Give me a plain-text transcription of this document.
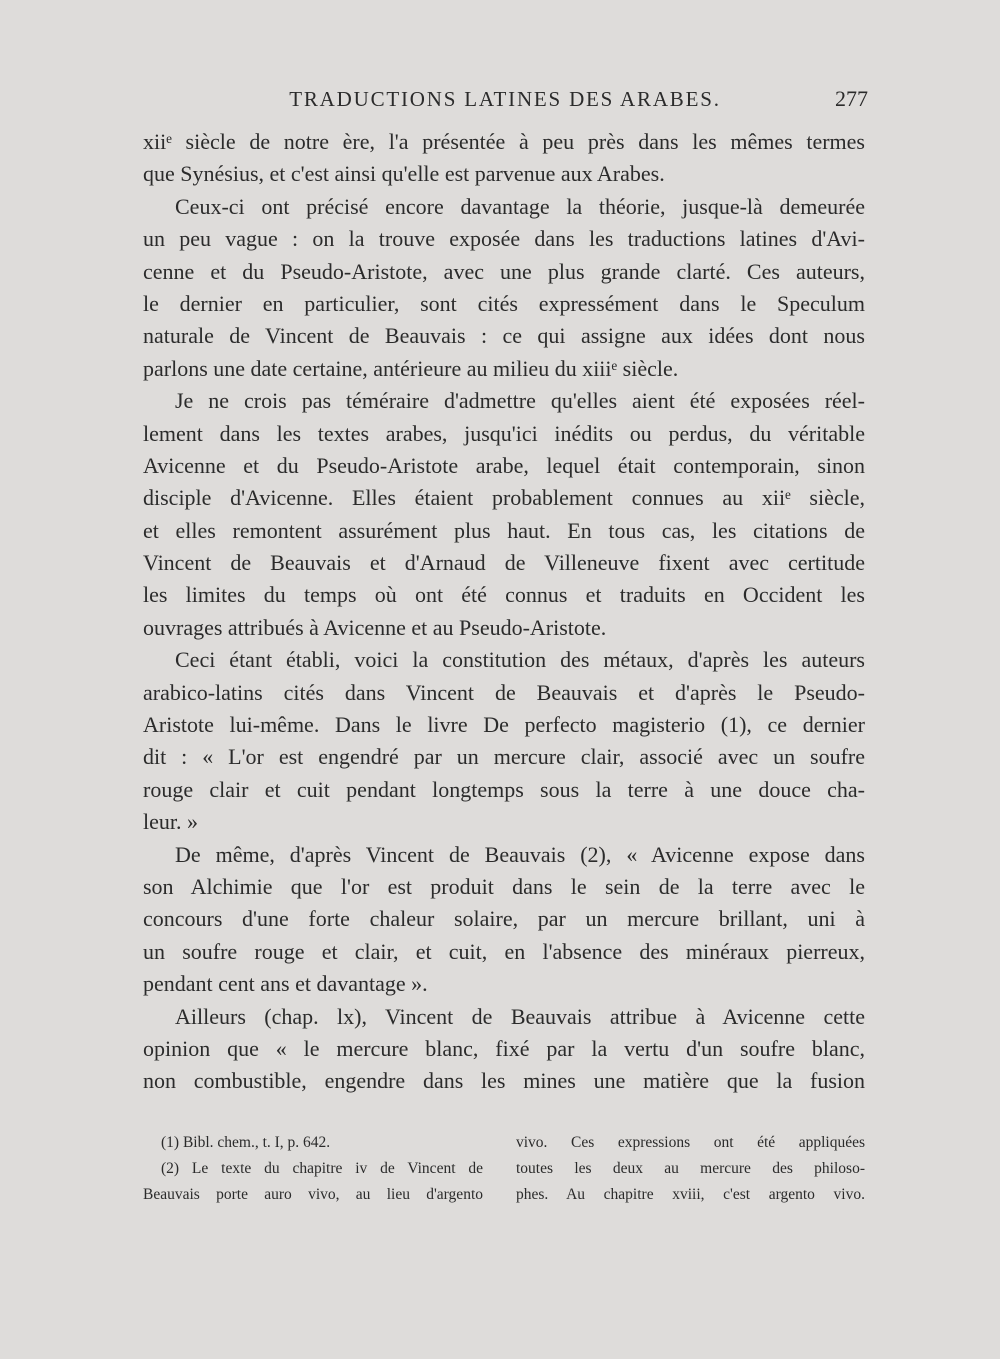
TRADUCTIONS LATINES DES ARABES.	277
xiiᵉ siècle de notre ère, l'a présentée à peu près dans les mêmes termes
que Synésius, et c'est ainsi qu'elle est parvenue aux Arabes.
Ceux-ci ont précisé encore davantage la théorie, jusque-là demeurée
un peu vague : on la trouve exposée dans les traductions latines d'Avi-
cenne et du Pseudo-Aristote, avec une plus grande clarté. Ces auteurs,
le dernier en particulier, sont cités expressément dans le Speculum
naturale de Vincent de Beauvais : ce qui assigne aux idées dont nous
parlons une date certaine, antérieure au milieu du xiiiᵉ siècle.
Je ne crois pas téméraire d'admettre qu'elles aient été exposées réel-
lement dans les textes arabes, jusqu'ici inédits ou perdus, du véritable
Avicenne et du Pseudo-Aristote arabe, lequel était contemporain, sinon
disciple d'Avicenne. Elles étaient probablement connues au xiiᵉ siècle,
et elles remontent assurément plus haut. En tous cas, les citations de
Vincent de Beauvais et d'Arnaud de Villeneuve fixent avec certitude
les limites du temps où ont été connus et traduits en Occident les
ouvrages attribués à Avicenne et au Pseudo-Aristote.
Ceci étant établi, voici la constitution des métaux, d'après les auteurs
arabico-latins cités dans Vincent de Beauvais et d'après le Pseudo-
Aristote lui-même. Dans le livre De perfecto magisterio (1), ce dernier
dit : « L'or est engendré par un mercure clair, associé avec un soufre
rouge clair et cuit pendant longtemps sous la terre à une douce cha-
leur. »
De même, d'après Vincent de Beauvais (2), « Avicenne expose dans
son Alchimie que l'or est produit dans le sein de la terre avec le
concours d'une forte chaleur solaire, par un mercure brillant, uni à
un soufre rouge et clair, et cuit, en l'absence des minéraux pierreux,
pendant cent ans et davantage ».
Ailleurs (chap. lx), Vincent de Beauvais attribue à Avicenne cette
opinion que « le mercure blanc, fixé par la vertu d'un soufre blanc,
non combustible, engendre dans les mines une matière que la fusion
(1) Bibl. chem., t. I, p. 642.
(2) Le texte du chapitre iv de Vincent de
Beauvais porte auro vivo, au lieu d'argento
vivo. Ces expressions ont été appliquées
toutes les deux au mercure des philoso-
phes. Au chapitre xviii, c'est argento vivo.
